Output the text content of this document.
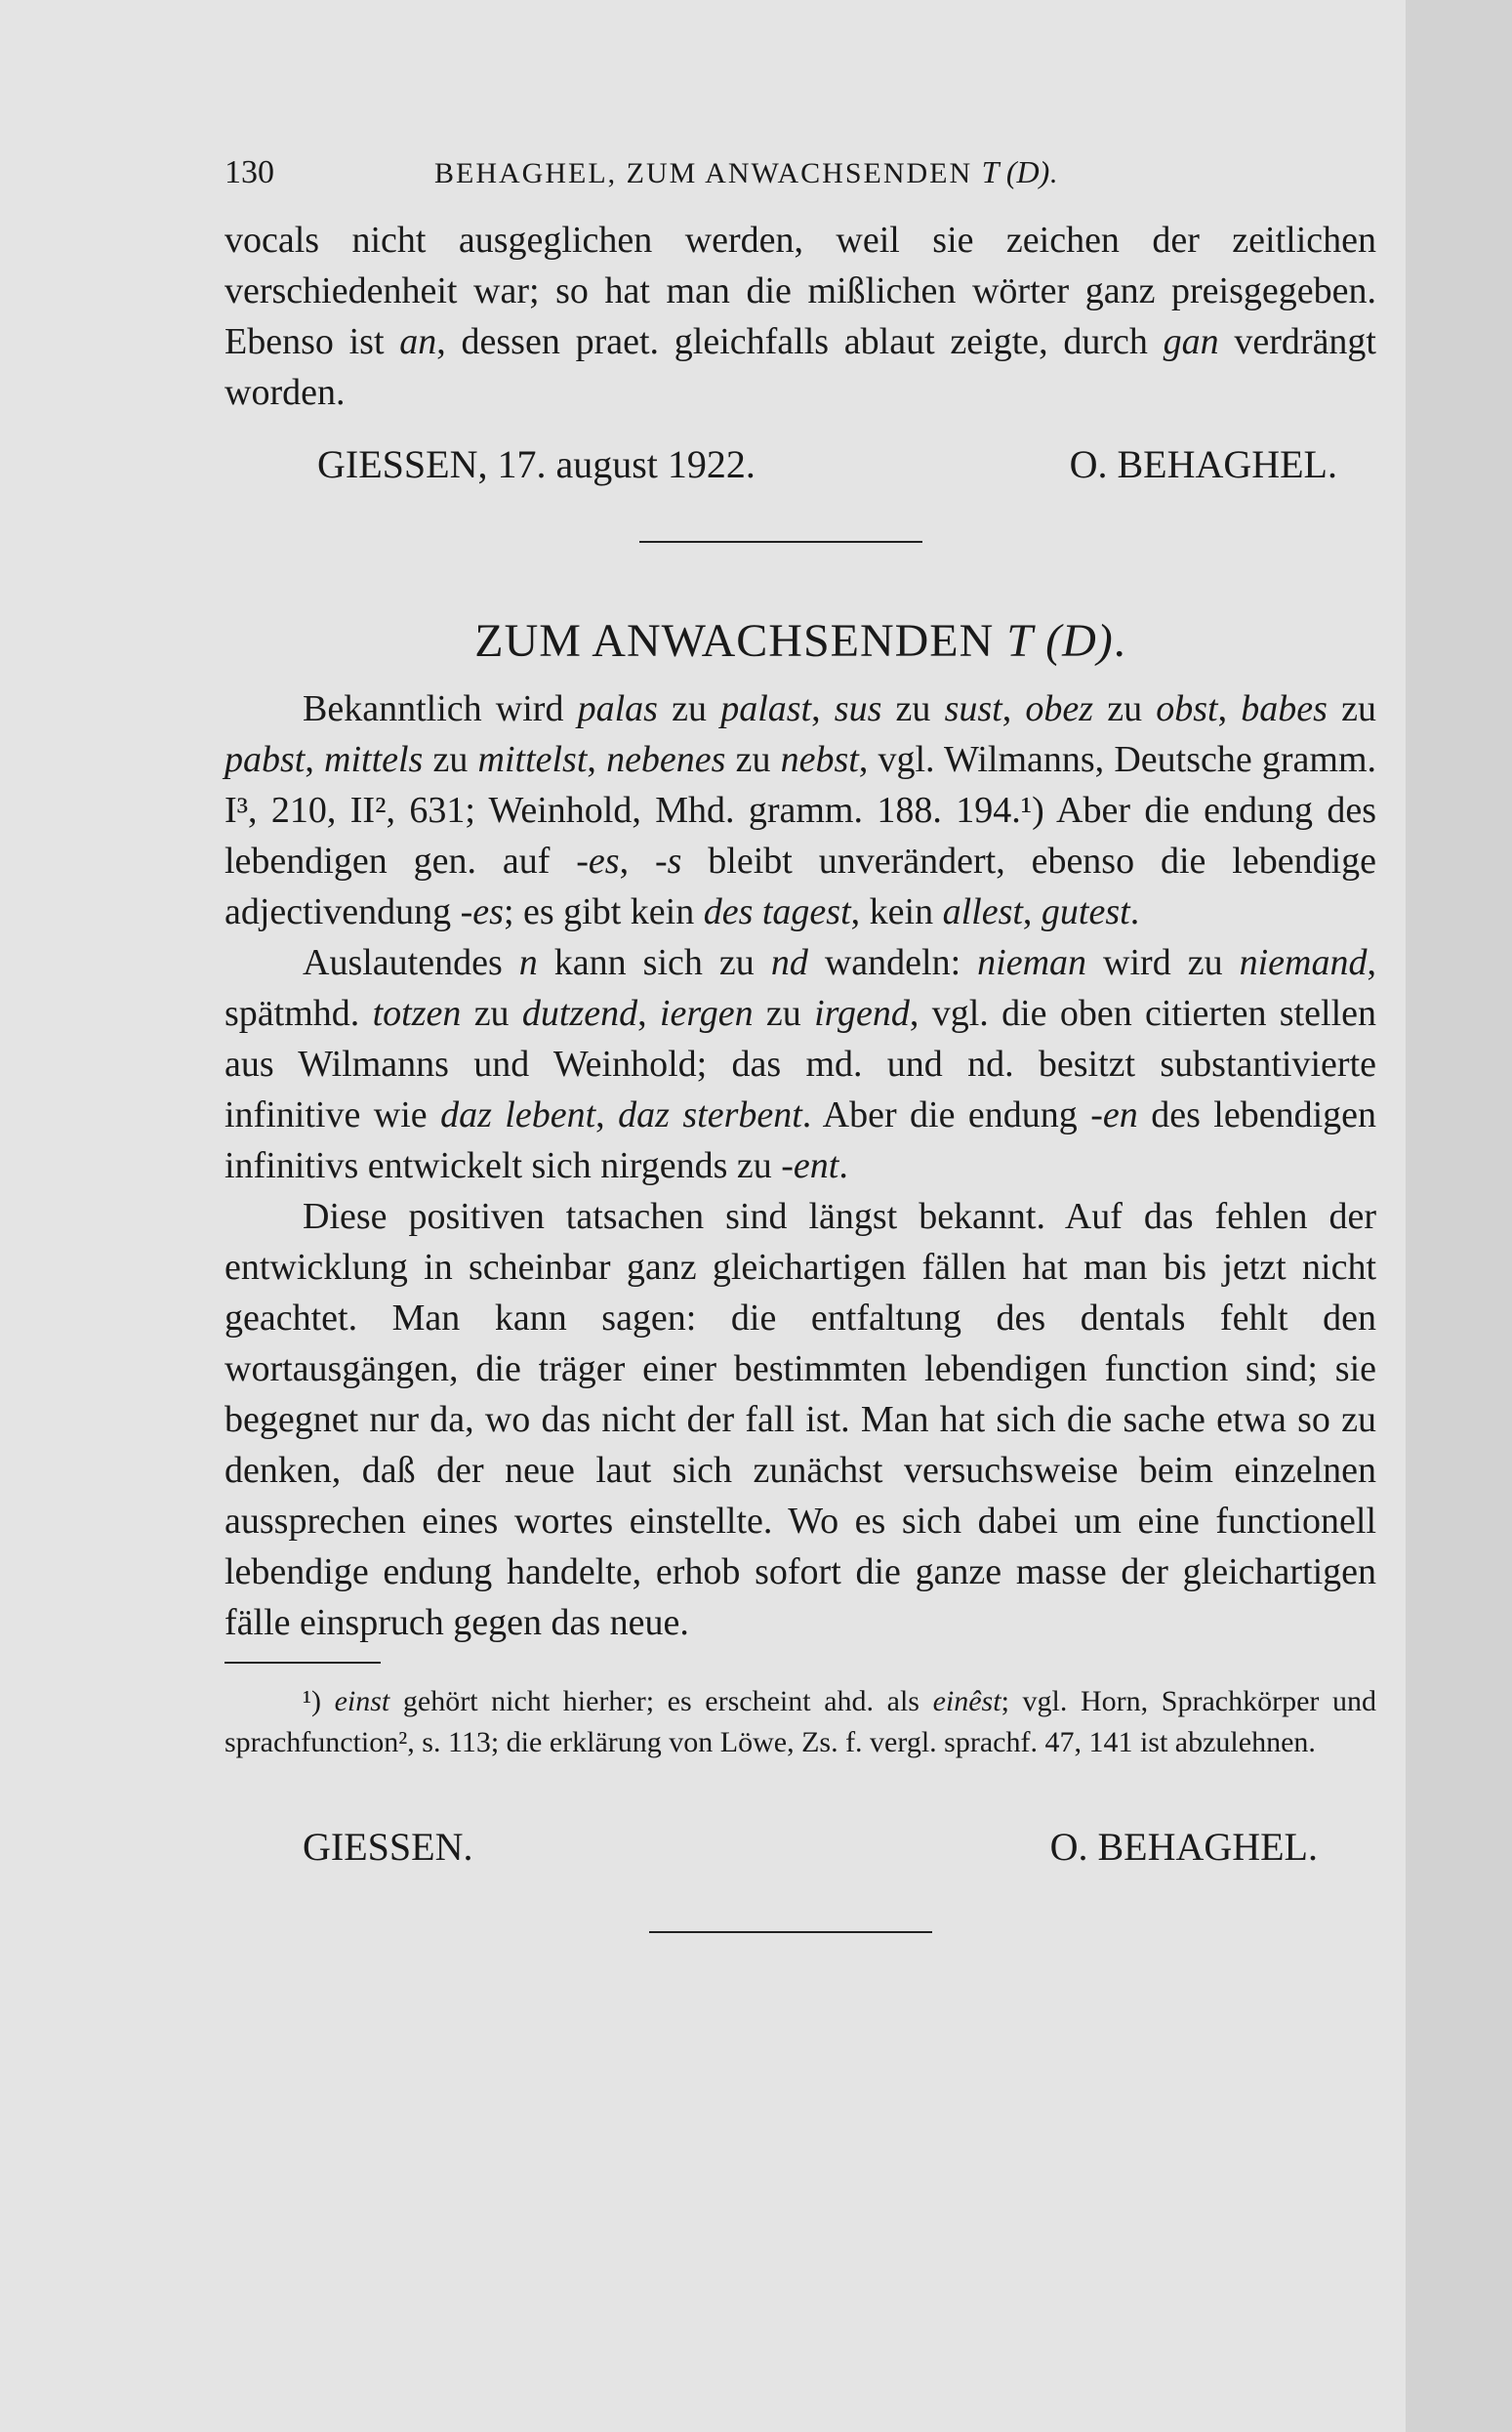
130	BEHAGHEL, ZUM ANWACHSENDEN T (D).

vocals nicht ausgeglichen werden, weil sie zeichen der zeitlichen verschiedenheit war; so hat man die mißlichen wörter ganz preisgegeben. Ebenso ist an, dessen praet. gleichfalls ablaut zeigte, durch gan verdrängt worden.

GIESSEN, 17. august 1922.	O. BEHAGHEL.
ZUM ANWACHSENDEN T (D).

Bekanntlich wird palas zu palast, sus zu sust, obez zu obst, babes zu pabst, mittels zu mittelst, nebenes zu nebst, vgl. Wilmanns, Deutsche gramm. I³, 210, II², 631; Weinhold, Mhd. gramm. 188. 194.¹) Aber die endung des lebendigen gen. auf -es, -s bleibt unverändert, ebenso die lebendige adjectivendung -es; es gibt kein des tagest, kein allest, gutest.

Auslautendes n kann sich zu nd wandeln: nieman wird zu niemand, spätmhd. totzen zu dutzend, iergen zu irgend, vgl. die oben citierten stellen aus Wilmanns und Weinhold; das md. und nd. besitzt substantivierte infinitive wie daz lebent, daz sterbent. Aber die endung -en des lebendigen infinitivs entwickelt sich nirgends zu -ent.

Diese positiven tatsachen sind längst bekannt. Auf das fehlen der entwicklung in scheinbar ganz gleichartigen fällen hat man bis jetzt nicht geachtet. Man kann sagen: die entfaltung des dentals fehlt den wortausgängen, die träger einer bestimmten lebendigen function sind; sie begegnet nur da, wo das nicht der fall ist. Man hat sich die sache etwa so zu denken, daß der neue laut sich zunächst versuchsweise beim einzelnen aussprechen eines wortes einstellte. Wo es sich dabei um eine functionell lebendige endung handelte, erhob sofort die ganze masse der gleichartigen fälle einspruch gegen das neue.

¹) einst gehört nicht hierher; es erscheint ahd. als einêst; vgl. Horn, Sprachkörper und sprachfunction², s. 113; die erklärung von Löwe, Zs. f. vergl. sprachf. 47, 141 ist abzulehnen.

GIESSEN.	O. BEHAGHEL.
